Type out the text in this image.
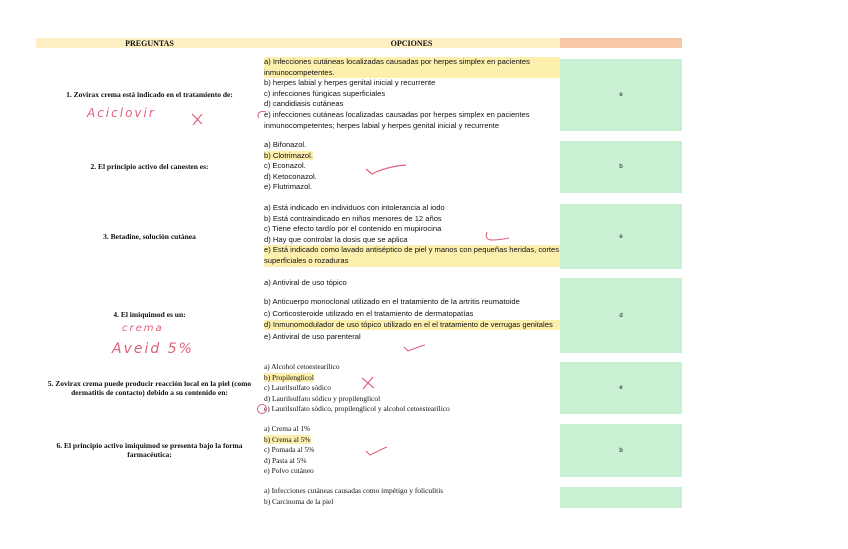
PREGUNTAS	OPCIONES
1. Zovirax crema está indicado en el tratamiento de:
a) Infecciones cutáneas localizadas causadas por herpes simplex en pacientes inmunocompetentes.
b) herpes labial y herpes genital inicial y recurrente
c) infecciones fúngicas superficiales
d) candidiasis cutáneas
e) infecciones cutáneas localizadas causadas por herpes simplex en pacientes inmunocompetentes; herpes labial y herpes genital inicial y recurrente
e
Aciclovir
2. El principio activo del canesten es:
a) Bifonazol.
b) Clotrimazol.
c) Econazol.
d) Ketoconazol.
e) Flutrimazol.
b
3. Betadine, solución cutánea
a) Está indicado en individuos con intolerancia al iodo
b) Está contraindicado en niños menores de 12 años
c) Tiene efecto tardío por el contenido en mupirocina
d) Hay que controlar la dosis que se aplica
e) Está indicado como lavado antiséptico de piel y manos con pequeñas heridas, cortes superficiales o rozaduras
e
4. El imiquimod es un:
a) Antiviral de uso tópico
b) Anticuerpo monoclonal utilizado en el tratamiento de la artritis reumatoide
c) Corticosteroide utilizado en el tratamiento de dermatopatías
d) Inmunomodulador de uso tópico utilizado en el el tratamiento de verrugas genitales
e) Antiviral de uso parenteral
d
crema
Aveid 5%
5. Zovirax crema puede producir reacción local en la piel (como dermatitis de contacto) debido a su contenido en:
a) Alcohol cetoestearílico
b) Propilenglicol
c) Laurilsulfato sódico
d) Laurilsulfato sódico y propilenglicol
e) Laurilsulfato sódico, propilenglicol y alcohol cetoestearílico
e
6. El principio activo imiquimod se presenta bajo la forma farmacéutica:
a) Crema al 1%
b) Crema al 5%
c) Pomada al 5%
d) Pasta al 5%
e) Polvo cutáneo
b
a) Infecciones cutáneas causadas como impétigo y foliculitis
b) Carcinoma de la piel
